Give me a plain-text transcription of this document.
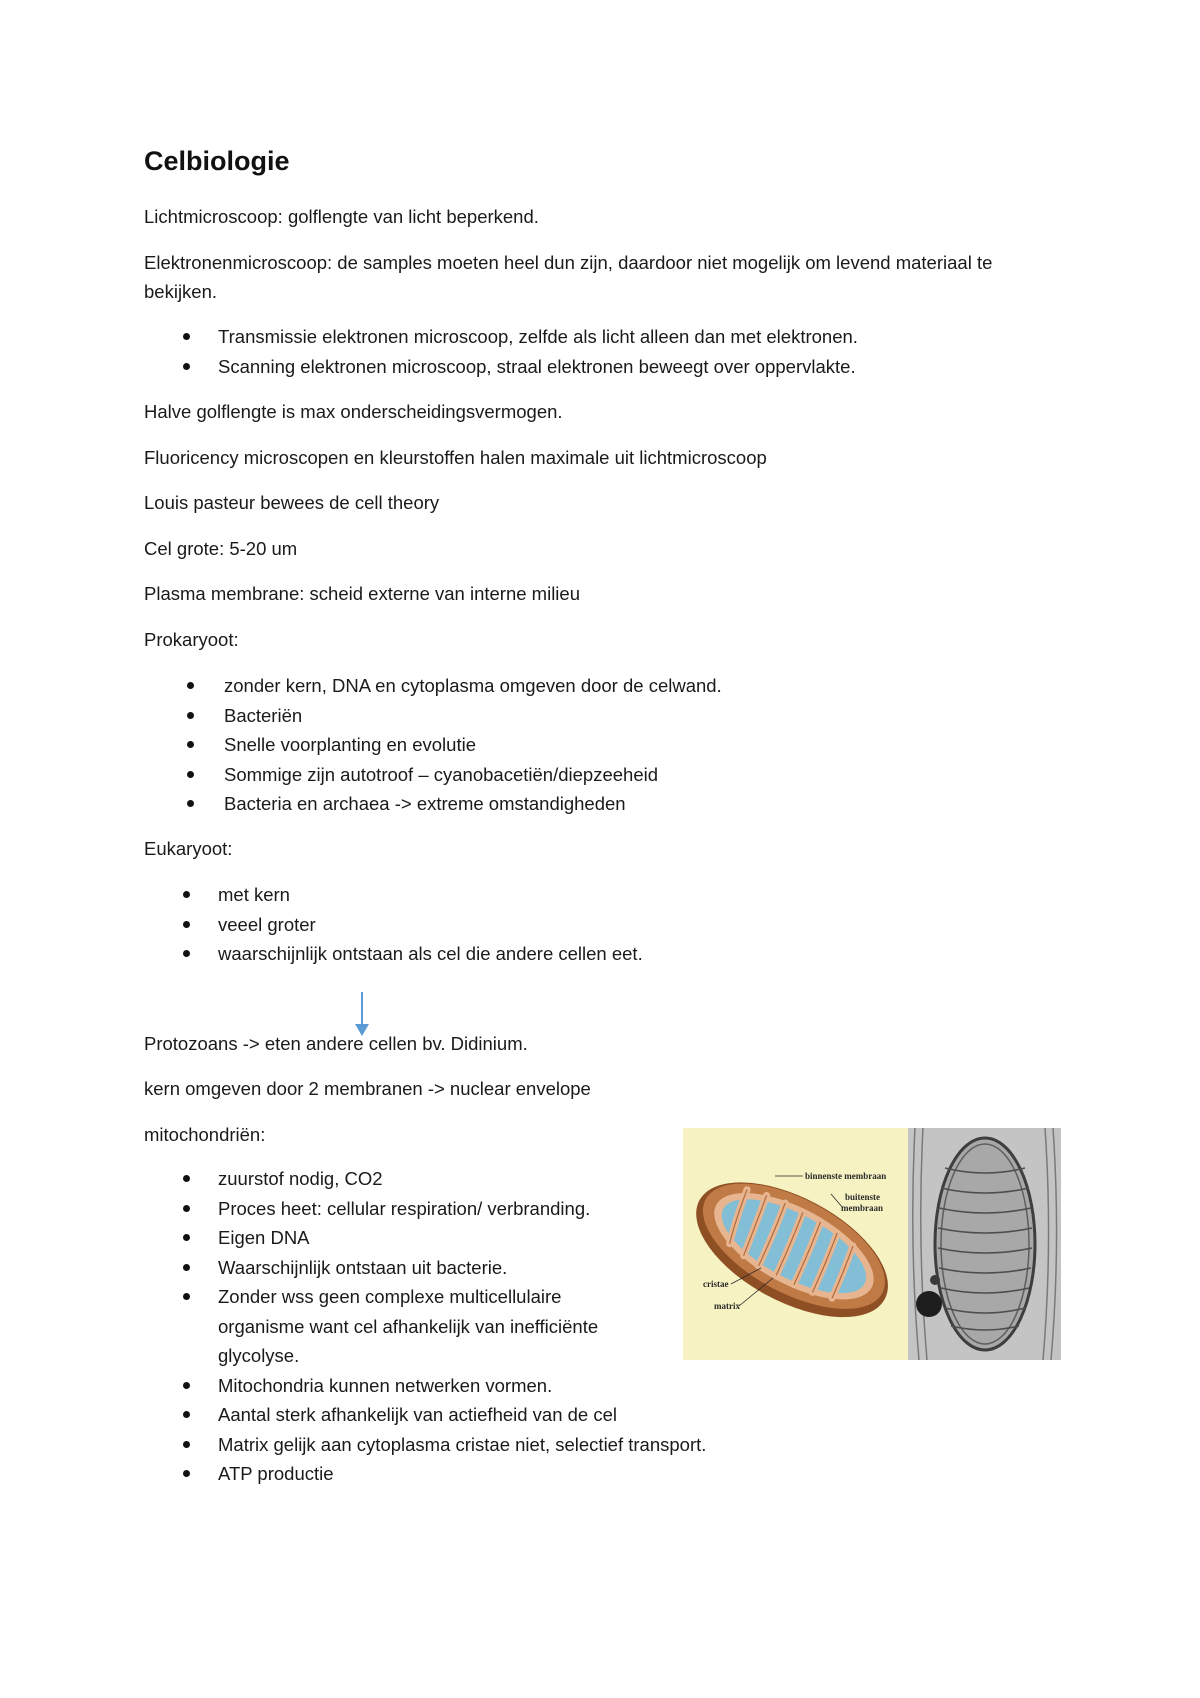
Celbiologie

Lichtmicroscoop: golflengte van licht beperkend.

Elektronenmicroscoop: de samples moeten heel dun zijn, daardoor niet mogelijk om levend materiaal te bekijken.

Transmissie elektronen microscoop, zelfde als licht alleen dan met elektronen.
Scanning elektronen microscoop, straal elektronen beweegt over oppervlakte.

Halve golflengte is max onderscheidingsvermogen.

Fluoricency microscopen en kleurstoffen halen maximale uit lichtmicroscoop

Louis pasteur bewees de cell theory

Cel grote: 5-20 um

Plasma membrane: scheid externe van interne milieu

Prokaryoot:

zonder kern, DNA en cytoplasma omgeven door de celwand.
Bacteriën
Snelle voorplanting en evolutie
Sommige zijn autotroof – cyanobacetiën/diepzeeheid
Bacteria en archaea -> extreme omstandigheden

Eukaryoot:

met kern
veeel groter
waarschijnlijk ontstaan als cel die andere cellen eet.

Protozoans -> eten andere cellen bv. Didinium.

kern omgeven door 2 membranen -> nuclear envelope

mitochondriën:

zuurstof nodig, CO2
Proces heet: cellular respiration/ verbranding.
Eigen DNA
Waarschijnlijk ontstaan uit bacterie.
Zonder wss geen complexe multicellulaire organisme want cel afhankelijk van inefficiënte glycolyse.
Mitochondria kunnen netwerken vormen.
Aantal sterk afhankelijk van actiefheid van de cel
Matrix gelijk aan cytoplasma cristae niet, selectief transport.
ATP productie
binnenste membraan
buitenste
membraan
cristae
matrix
